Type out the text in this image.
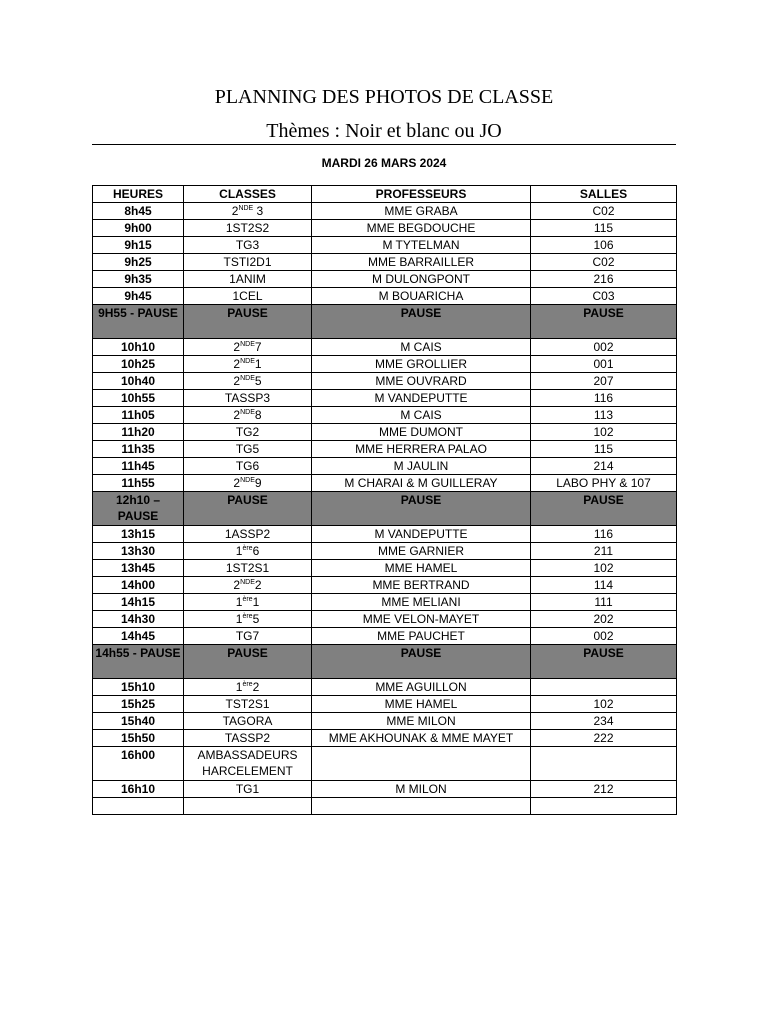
PLANNING DES PHOTOS DE CLASSE
Thèmes : Noir et blanc ou JO
MARDI 26 MARS 2024
HEURES	CLASSES	PROFESSEURS	SALLES
8h45	2NDE 3	MME GRABA	C02
9h00	1ST2S2	MME BEGDOUCHE	115
9h15	TG3	M TYTELMAN	106
9h25	TSTI2D1	MME BARRAILLER	C02
9h35	1ANIM	M DULONGPONT	216
9h45	1CEL	M BOUARICHA	C03
9H55 - PAUSE	PAUSE	PAUSE	PAUSE
10h10	2NDE7	M CAIS	002
10h25	2NDE1	MME GROLLIER	001
10h40	2NDE5	MME OUVRARD	207
10h55	TASSP3	M VANDEPUTTE	116
11h05	2NDE8	M CAIS	113
11h20	TG2	MME DUMONT	102
11h35	TG5	MME HERRERA PALAO	115
11h45	TG6	M JAULIN	214
11h55	2NDE9	M CHARAI & M GUILLERAY	LABO PHY & 107
12h10 – PAUSE	PAUSE	PAUSE	PAUSE
13h15	1ASSP2	M VANDEPUTTE	116
13h30	1ère6	MME GARNIER	211
13h45	1ST2S1	MME HAMEL	102
14h00	2NDE2	MME BERTRAND	114
14h15	1ère1	MME MELIANI	111
14h30	1ère5	MME VELON-MAYET	202
14h45	TG7	MME PAUCHET	002
14h55 - PAUSE	PAUSE	PAUSE	PAUSE
15h10	1ère2	MME AGUILLON	
15h25	TST2S1	MME HAMEL	102
15h40	TAGORA	MME MILON	234
15h50	TASSP2	MME AKHOUNAK & MME MAYET	222
16h00	AMBASSADEURS HARCELEMENT		
16h10	TG1	M MILON	212
